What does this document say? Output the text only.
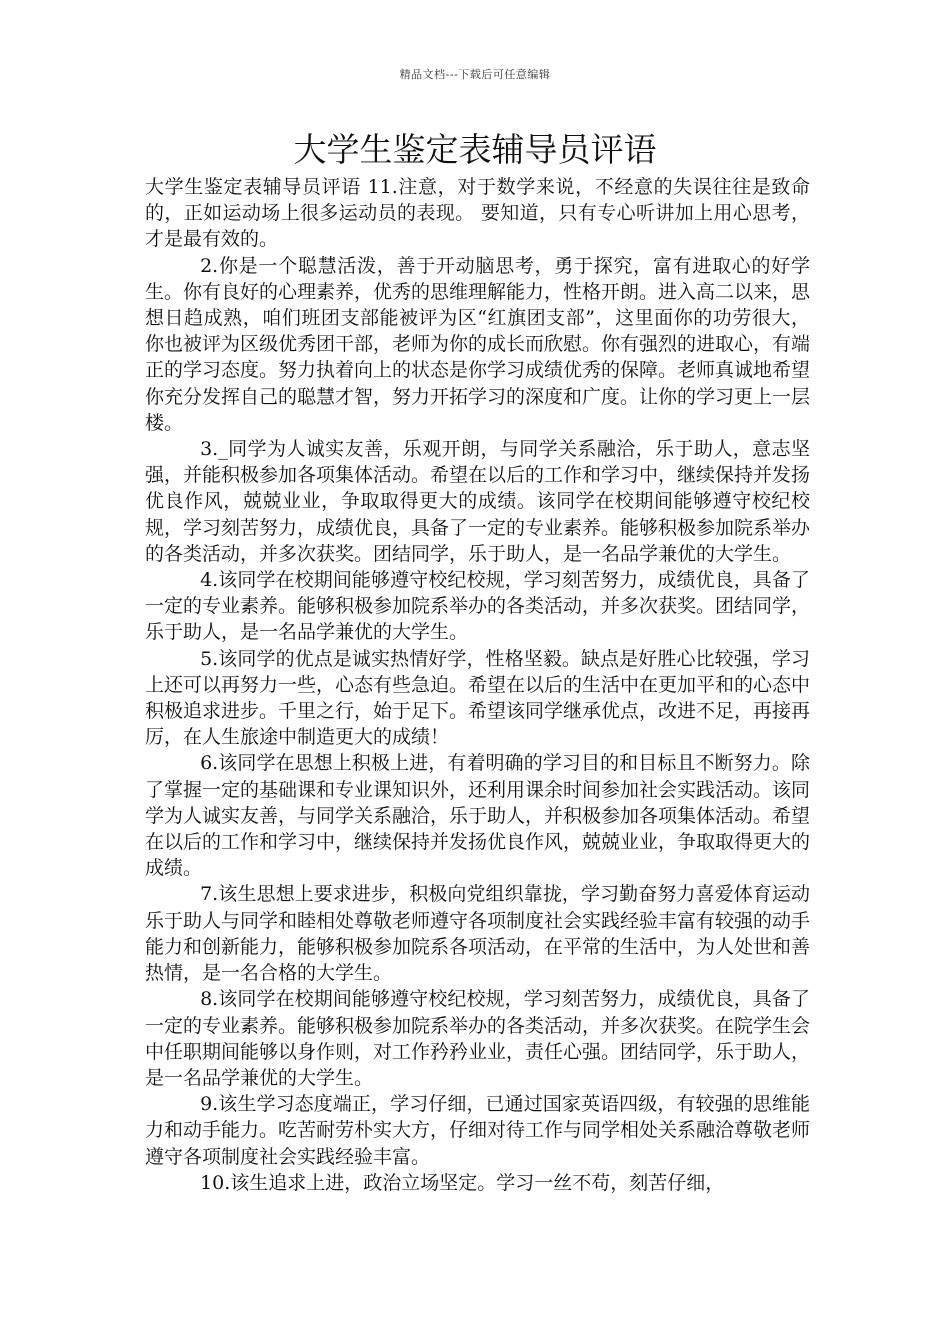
精品文档---下载后可任意编辑
大学生鉴定表辅导员评语

大学生鉴定表辅导员评语 11.注意，对于数学来说，不经意的失误往往是致命的，正如运动场上很多运动员的表现。 要知道，只有专心听讲加上用心思考，才是最有效的。

2.你是一个聪慧活泼，善于开动脑思考，勇于探究，富有进取心的好学生。你有良好的心理素养，优秀的思维理解能力，性格开朗。进入高二以来，思想日趋成熟，咱们班团支部能被评为区“红旗团支部”，这里面你的功劳很大，你也被评为区级优秀团干部，老师为你的成长而欣慰。你有强烈的进取心，有端正的学习态度。努力执着向上的状态是你学习成绩优秀的保障。老师真诚地希望你充分发挥自己的聪慧才智，努力开拓学习的深度和广度。让你的学习更上一层楼。

3._同学为人诚实友善，乐观开朗，与同学关系融洽，乐于助人，意志坚强，并能积极参加各项集体活动。希望在以后的工作和学习中，继续保持并发扬优良作风，兢兢业业，争取取得更大的成绩。该同学在校期间能够遵守校纪校规，学习刻苦努力，成绩优良，具备了一定的专业素养。能够积极参加院系举办的各类活动，并多次获奖。团结同学，乐于助人，是一名品学兼优的大学生。

4.该同学在校期间能够遵守校纪校规，学习刻苦努力，成绩优良，具备了一定的专业素养。能够积极参加院系举办的各类活动，并多次获奖。团结同学，乐于助人，是一名品学兼优的大学生。

5.该同学的优点是诚实热情好学，性格坚毅。缺点是好胜心比较强，学习上还可以再努力一些，心态有些急迫。希望在以后的生活中在更加平和的心态中积极追求进步。千里之行，始于足下。希望该同学继承优点，改进不足，再接再厉，在人生旅途中制造更大的成绩！

6.该同学在思想上积极上进，有着明确的学习目的和目标且不断努力。除了掌握一定的基础课和专业课知识外，还利用课余时间参加社会实践活动。该同学为人诚实友善，与同学关系融洽，乐于助人，并积极参加各项集体活动。希望在以后的工作和学习中，继续保持并发扬优良作风，兢兢业业，争取取得更大的成绩。

7.该生思想上要求进步，积极向党组织靠拢，学习勤奋努力喜爱体育运动乐于助人与同学和睦相处尊敬老师遵守各项制度社会实践经验丰富有较强的动手能力和创新能力，能够积极参加院系各项活动，在平常的生活中，为人处世和善热情，是一名合格的大学生。

8.该同学在校期间能够遵守校纪校规，学习刻苦努力，成绩优良，具备了一定的专业素养。能够积极参加院系举办的各类活动，并多次获奖。在院学生会中任职期间能够以身作则，对工作矜矜业业，责任心强。团结同学，乐于助人，是一名品学兼优的大学生。

9.该生学习态度端正，学习仔细，已通过国家英语四级，有较强的思维能力和动手能力。吃苦耐劳朴实大方，仔细对待工作与同学相处关系融洽尊敬老师遵守各项制度社会实践经验丰富。

10.该生追求上进，政治立场坚定。学习一丝不苟，刻苦仔细，
